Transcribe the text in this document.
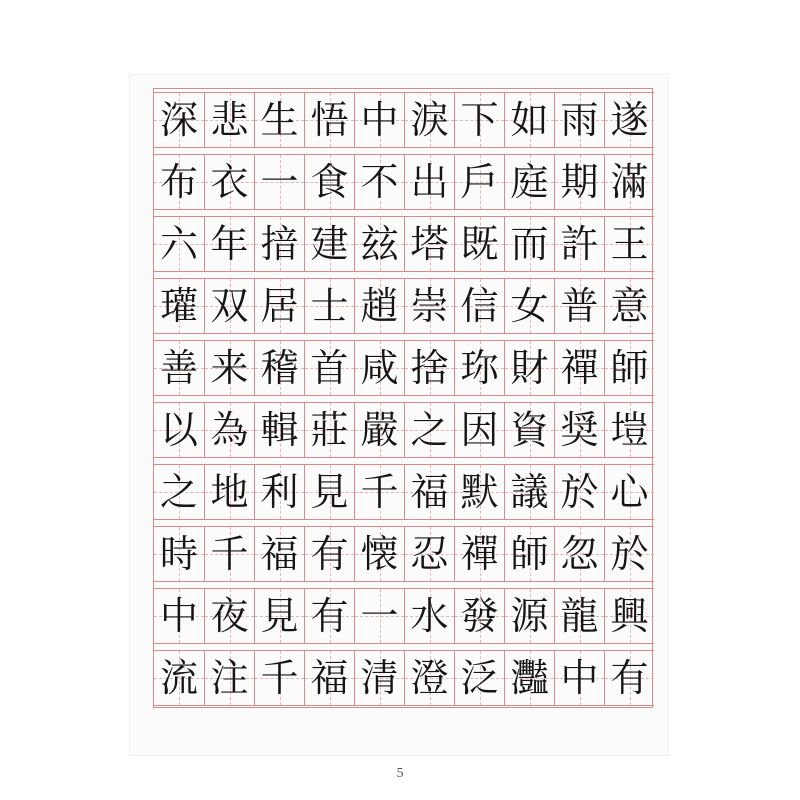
深 悲 生 悟 中 淚 下 如 雨 遂
布 衣 一 食 不 出 戶 庭 期 滿
六 年 揞 建 玆 塔 既 而 許 王
瓘 双 居 士 趙 崇 信 女 普 意
善 来 稽 首 咸 捨 珎 財 禪 師
以 為 輯 莊 嚴 之 因 資 奨 塏
之 地 利 見 千 福 默 議 於 心
時 千 福 有 懐 忍 禪 師 忽 於
中 夜 見 有 一 水 發 源 龍 興
流 注 千 福 清 澄 泛 灩 中 有
5
